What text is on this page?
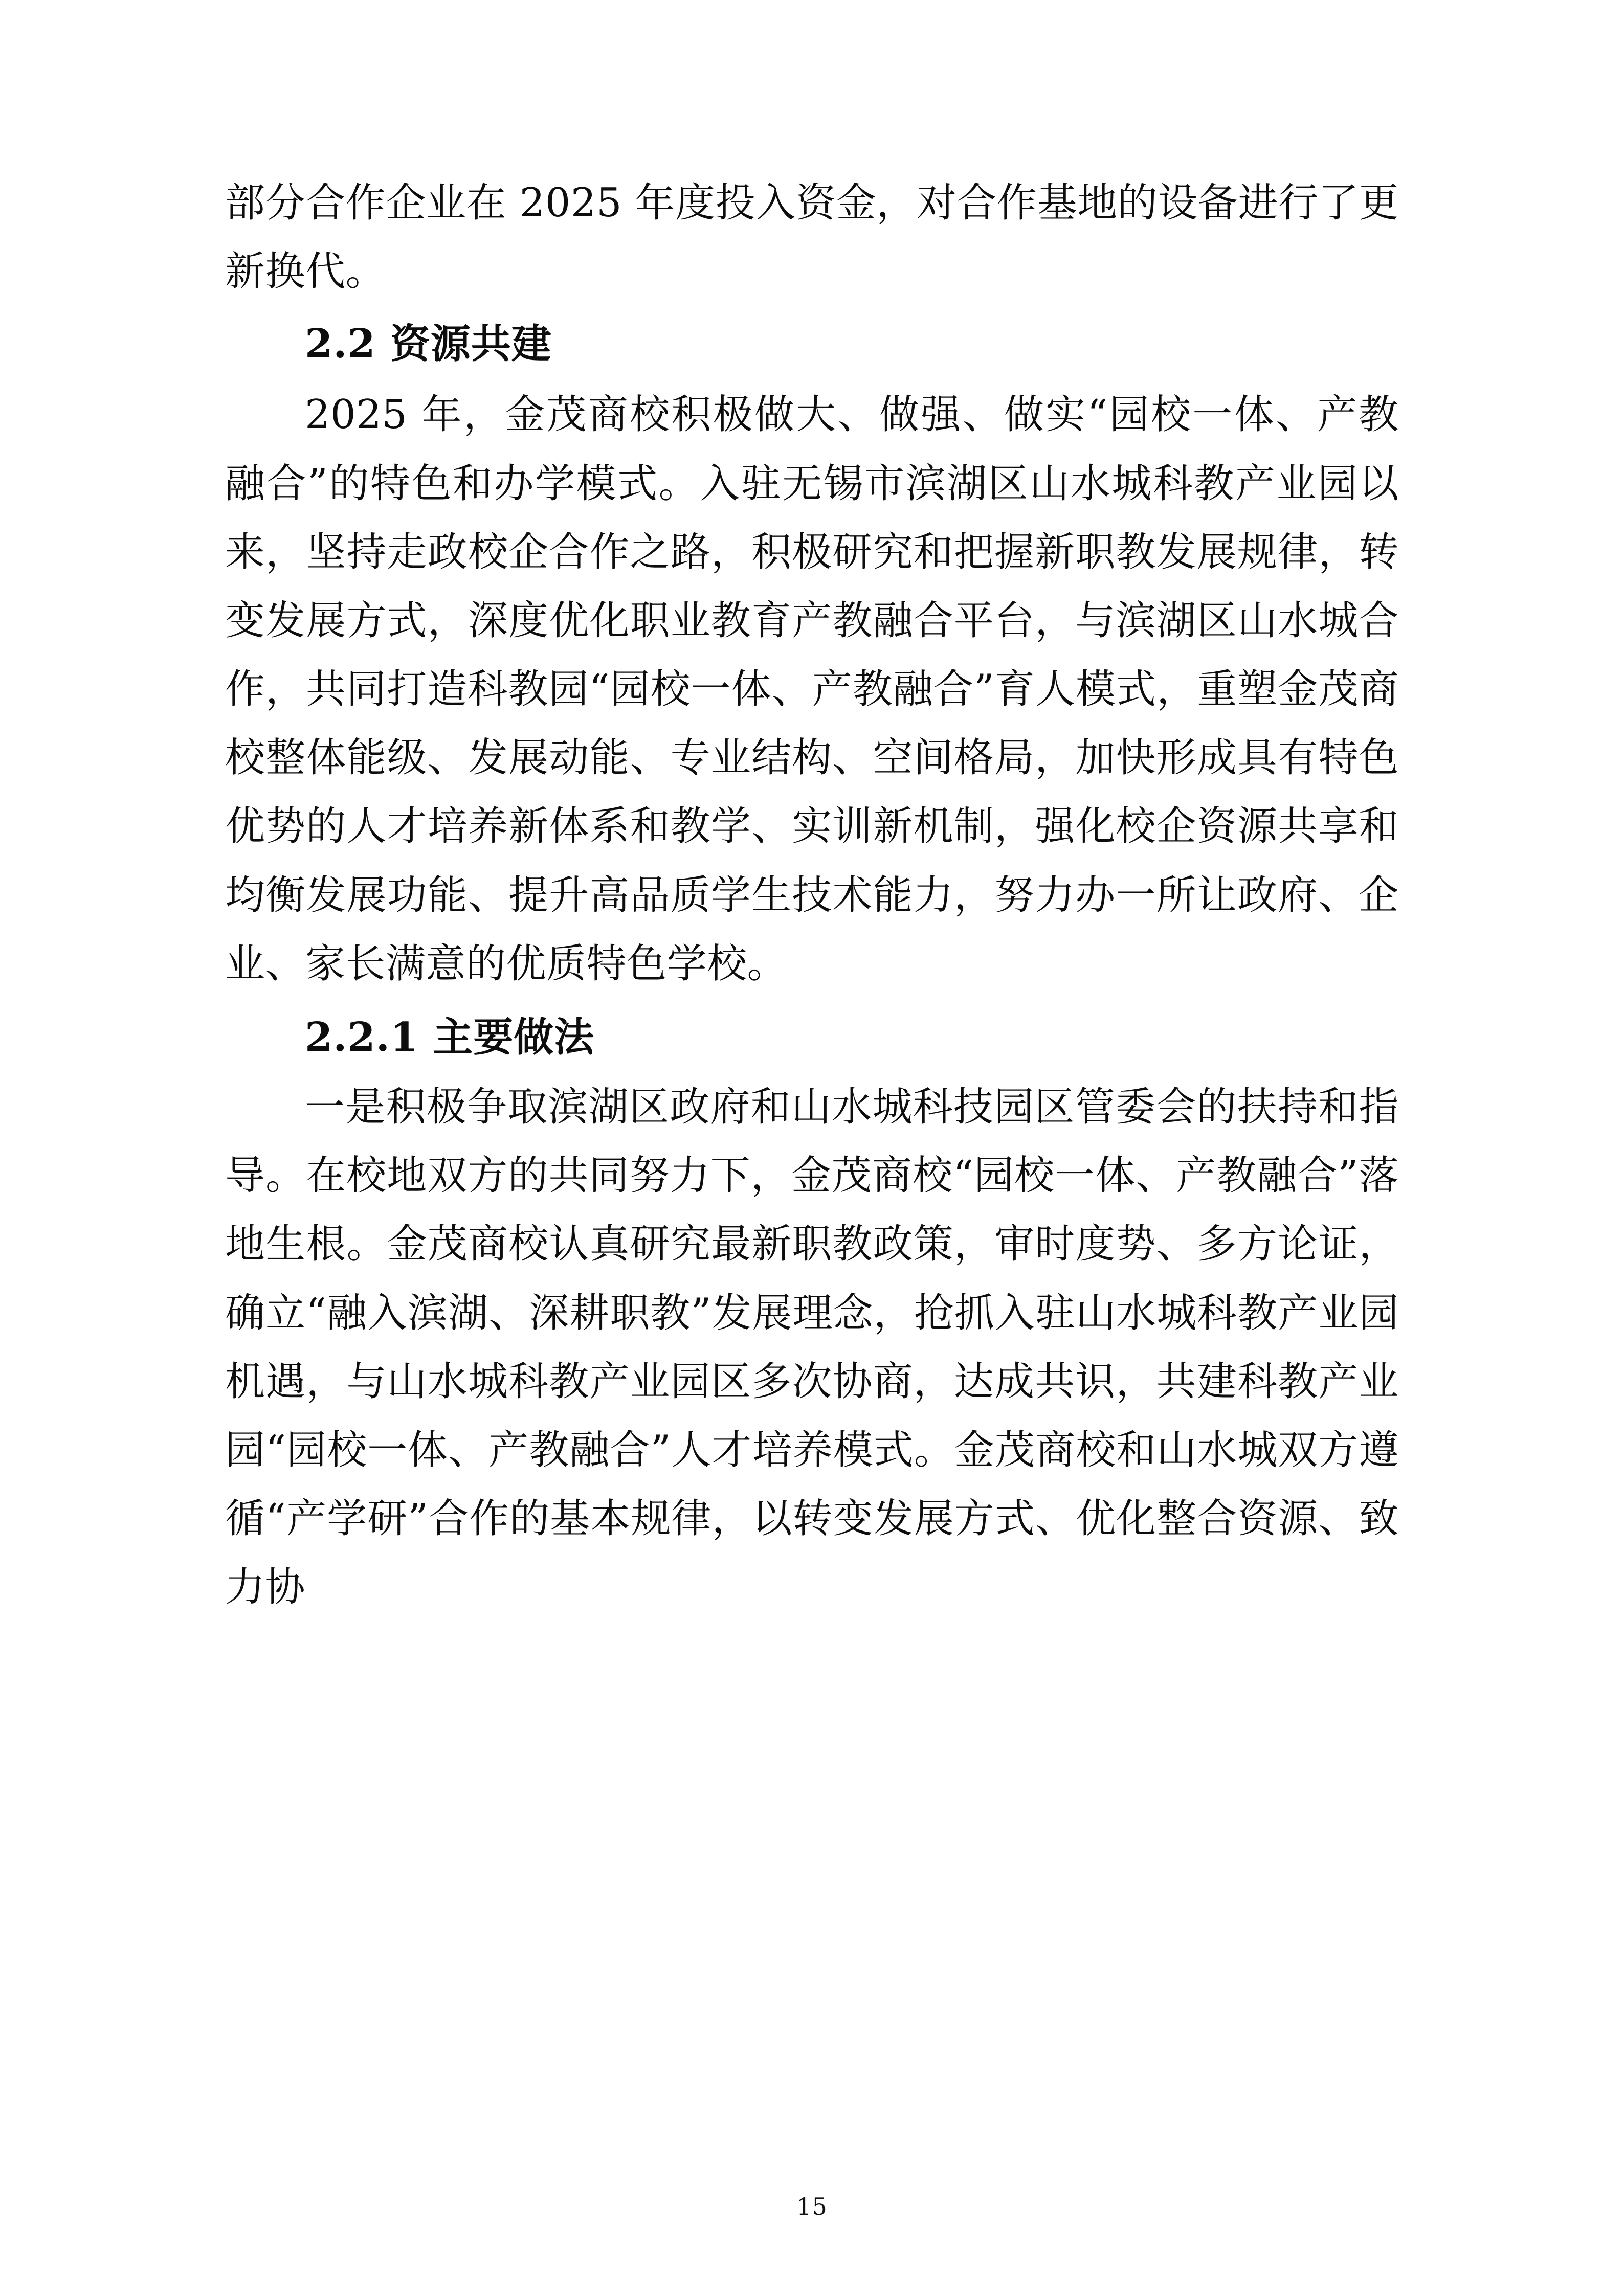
部分合作企业在 2025 年度投入资金，对合作基地的设备进行了更新换代。

2.2 资源共建

2025 年，金茂商校积极做大、做强、做实“园校一体、产教融合”的特色和办学模式。入驻无锡市滨湖区山水城科教产业园以来，坚持走政校企合作之路，积极研究和把握新职教发展规律，转变发展方式，深度优化职业教育产教融合平台，与滨湖区山水城合作，共同打造科教园“园校一体、产教融合”育人模式，重塑金茂商校整体能级、发展动能、专业结构、空间格局，加快形成具有特色优势的人才培养新体系和教学、实训新机制，强化校企资源共享和均衡发展功能、提升高品质学生技术能力，努力办一所让政府、企业、家长满意的优质特色学校。

2.2.1 主要做法

一是积极争取滨湖区政府和山水城科技园区管委会的扶持和指导。在校地双方的共同努力下，金茂商校“园校一体、产教融合”落地生根。金茂商校认真研究最新职教政策，审时度势、多方论证，确立“融入滨湖、深耕职教”发展理念，抢抓入驻山水城科教产业园机遇，与山水城科教产业园区多次协商，达成共识，共建科教产业园“园校一体、产教融合”人才培养模式。金茂商校和山水城双方遵循“产学研”合作的基本规律，以转变发展方式、优化整合资源、致力协

15
